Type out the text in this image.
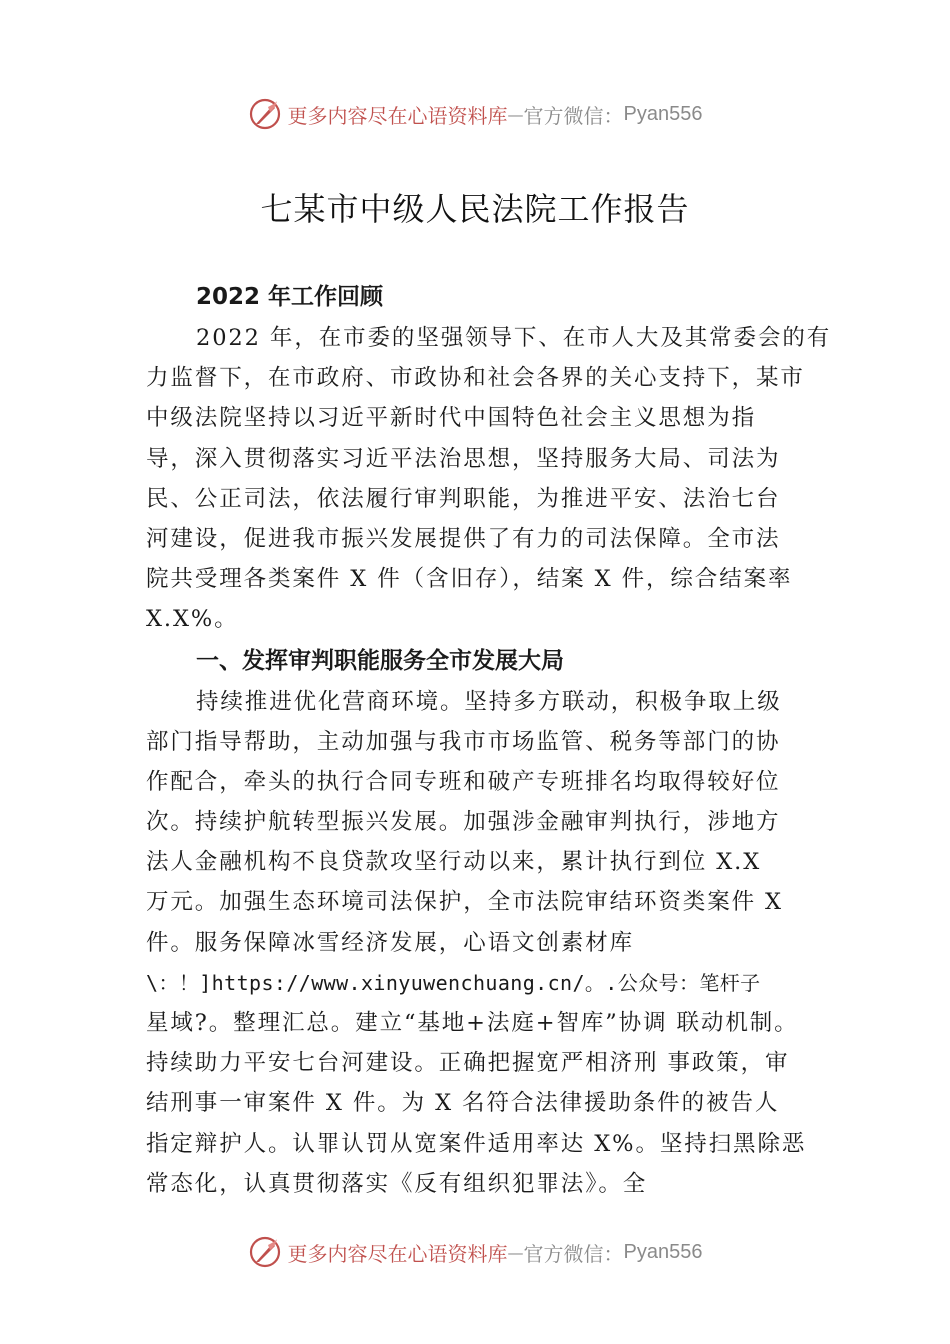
更多内容尽在心语资料库 — 官方微信： Pyan556
七某市中级人民法院工作报告
2022 年工作回顾
2022 年，在市委的坚强领导下、在市人大及其常委会的有
力监督下，在市政府、市政协和社会各界的关心支持下，某市
中级法院坚持以习近平新时代中国特色社会主义思想为指
导，深入贯彻落实习近平法治思想，坚持服务大局、司法为
民、公正司法，依法履行审判职能，为推进平安、法治七台
河建设，促进我市振兴发展提供了有力的司法保障。全市法
院共受理各类案件 X 件（含旧存），结案 X 件，综合结案率
X.X%。
一、发挥审判职能服务全市发展大局
持续推进优化营商环境。坚持多方联动，积极争取上级
部门指导帮助，主动加强与我市市场监管、税务等部门的协
作配合，牵头的执行合同专班和破产专班排名均取得较好位
次。持续护航转型振兴发展。加强涉金融审判执行，涉地方
法人金融机构不良贷款攻坚行动以来，累计执行到位 X.X
万元。加强生态环境司法保护，全市法院审结环资类案件 X
件。服务保障冰雪经济发展，心语文创素材库
\：！]https://www.xinyuwenchuang.cn/。.公众号：笔杆子
星域?。整理汇总。建立“基地+法庭+智库”协调 联动机制。
持续助力平安七台河建设。正确把握宽严相济刑 事政策，审
结刑事一审案件 X 件。为 X 名符合法律援助条件的被告人
指定辩护人。认罪认罚从宽案件适用率达 X%。坚持扫黑除恶
常态化，认真贯彻落实《反有组织犯罪法》。全
更多内容尽在心语资料库 — 官方微信： Pyan556
